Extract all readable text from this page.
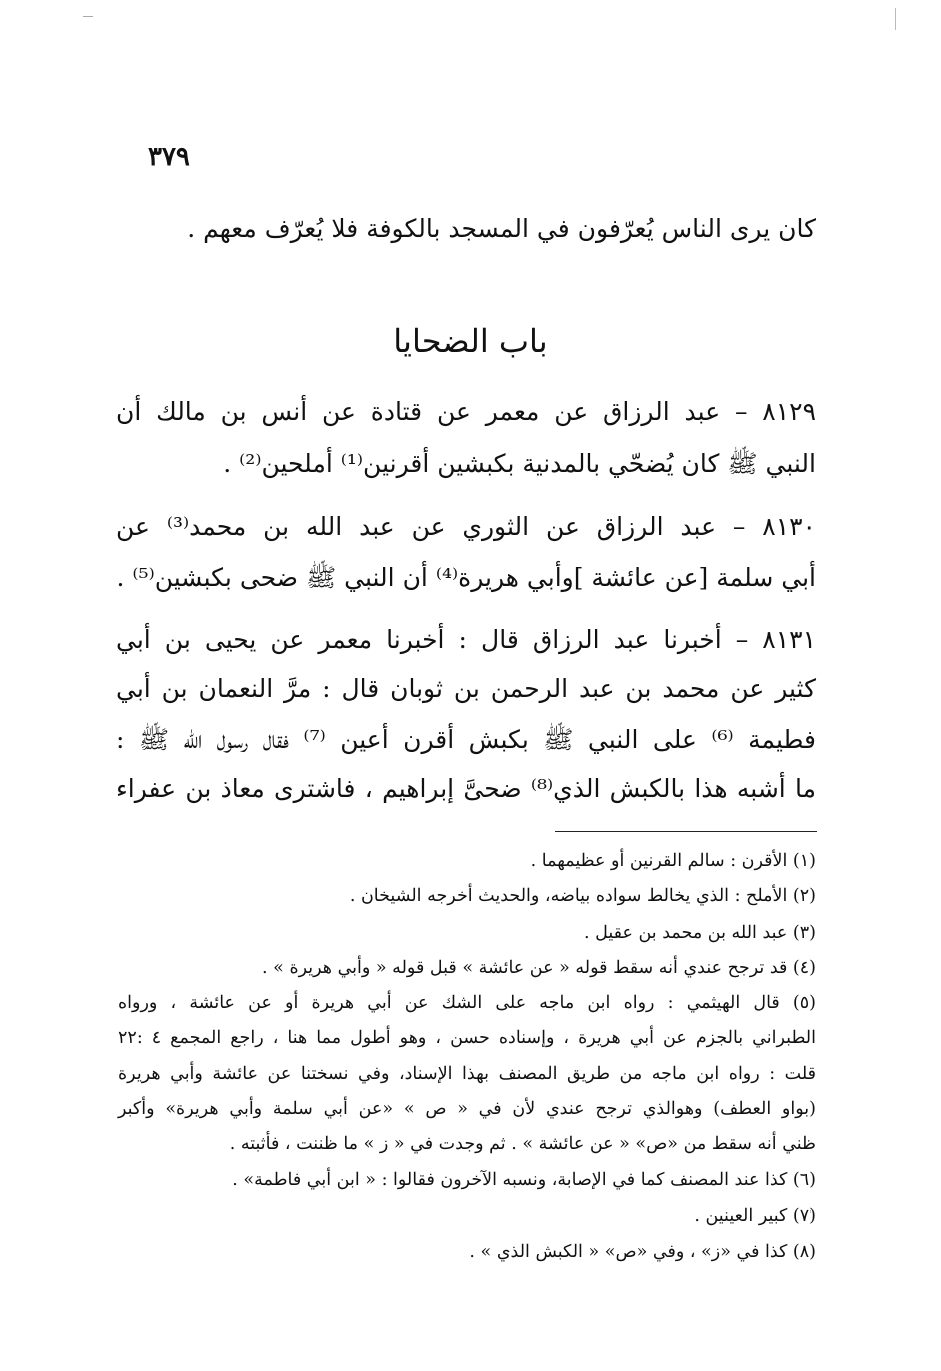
٣٧٩
كان يرى الناس يُعرّفون في المسجد بالكوفة فلا يُعرّف معهم .
باب الضحايا
٨١٢٩ – عبد الرزاق عن معمر عن قتادة عن أنس بن مالك أن
النبي ﷺ كان يُضحّي بالمدنية بكبشين أقرنين⁽¹⁾ أملحين⁽²⁾ .
٨١٣٠ – عبد الرزاق عن الثوري عن عبد الله بن محمد⁽³⁾ عن
أبي سلمة [عن عائشة ]وأبي هريرة⁽⁴⁾ أن النبي ﷺ ضحى بكبشين⁽⁵⁾ .
٨١٣١ – أخبرنا عبد الرزاق قال : أخبرنا معمر عن يحيى بن أبي
كثير عن محمد بن عبد الرحمن بن ثوبان قال : مرَّ النعمان بن أبي
فطيمة ⁽⁶⁾ على النبي ﷺ بكبش أقرن أعين ⁽⁷⁾ فقال رسول الله ﷺ :
ما أشبه هذا بالكبش الذي⁽⁸⁾ ضحىَّ إبراهيم ، فاشترى معاذ بن عفراء
(١) الأقرن : سالم القرنين أو عظيمهما .
(٢) الأملح : الذي يخالط سواده بياضه، والحديث أخرجه الشيخان .
(٣) عبد الله بن محمد بن عقيل .
(٤) قد ترجح عندي أنه سقط قوله « عن عائشة » قبل قوله « وأبي هريرة » .
(٥) قال الهيثمي : رواه ابن ماجه على الشك عن أبي هريرة أو عن عائشة ، ورواه
الطبراني بالجزم عن أبي هريرة ، وإسناده حسن ، وهو أطول مما هنا ، راجع المجمع ٤ :٢٢
قلت : رواه ابن ماجه من طريق المصنف بهذا الإسناد، وفي نسختنا عن عائشة وأبي هريرة
(بواو العطف) وهوالذي ترجح عندي لأن في « ص » «عن أبي سلمة وأبي هريرة» وأكبر
ظني أنه سقط من «ص» « عن عائشة » . ثم وجدت في « ز » ما ظننت ، فأثبته .
(٦) كذا عند المصنف كما في الإصابة، ونسبه الآخرون فقالوا : « ابن أبي فاطمة» .
(٧) كبير العينين .
(٨) كذا في «ز» ، وفي «ص» « الكبش الذي » .
